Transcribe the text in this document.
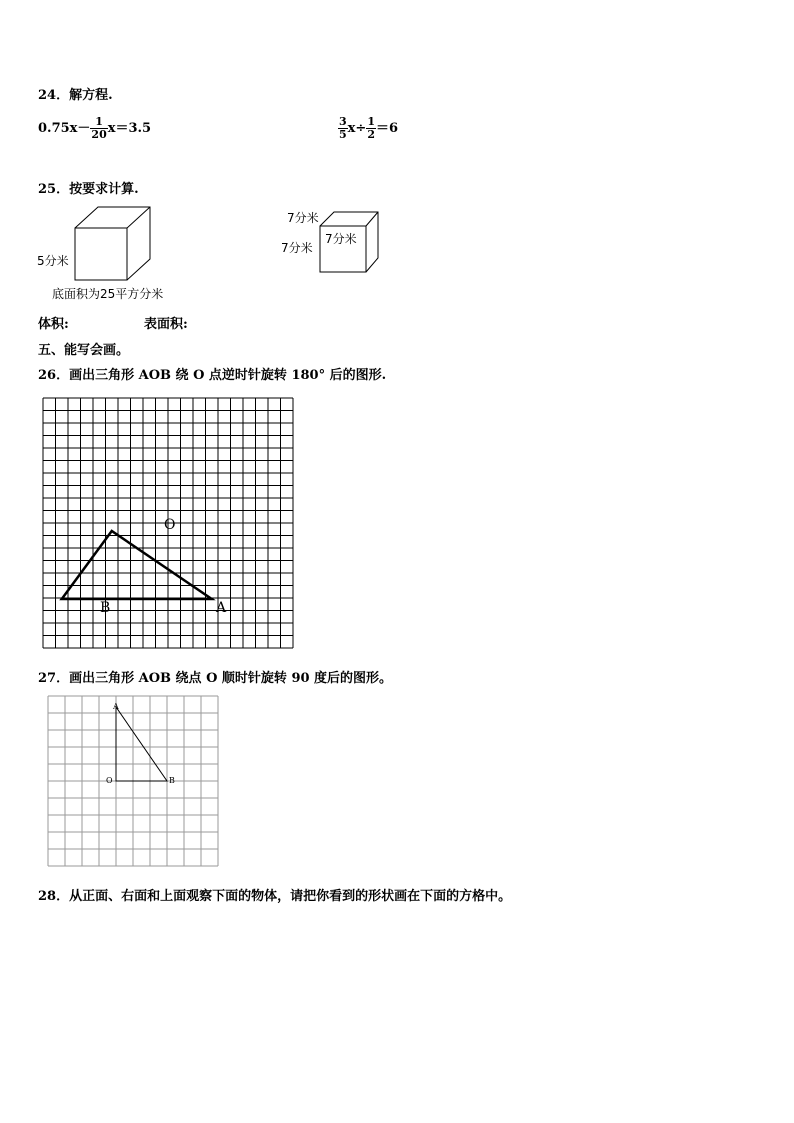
24．解方程.
$0.75x- \frac{1}{20} x=3.5$	$\frac{3}{5} x\div \frac{1}{2} =6$
25．按要求计算.
5分米
底面积为25平方分米
7分米
7分米
7分米
体积:	表面积:
五、能写会画。
26．画出三角形 AOB 绕 O 点逆时针旋转 180° 后的图形.
O
B	A
27．画出三角形 AOB 绕点 O 顺时针旋转 90 度后的图形。
A
O	B
28．从正面、右面和上面观察下面的物体，请把你看到的形状画在下面的方格中。
